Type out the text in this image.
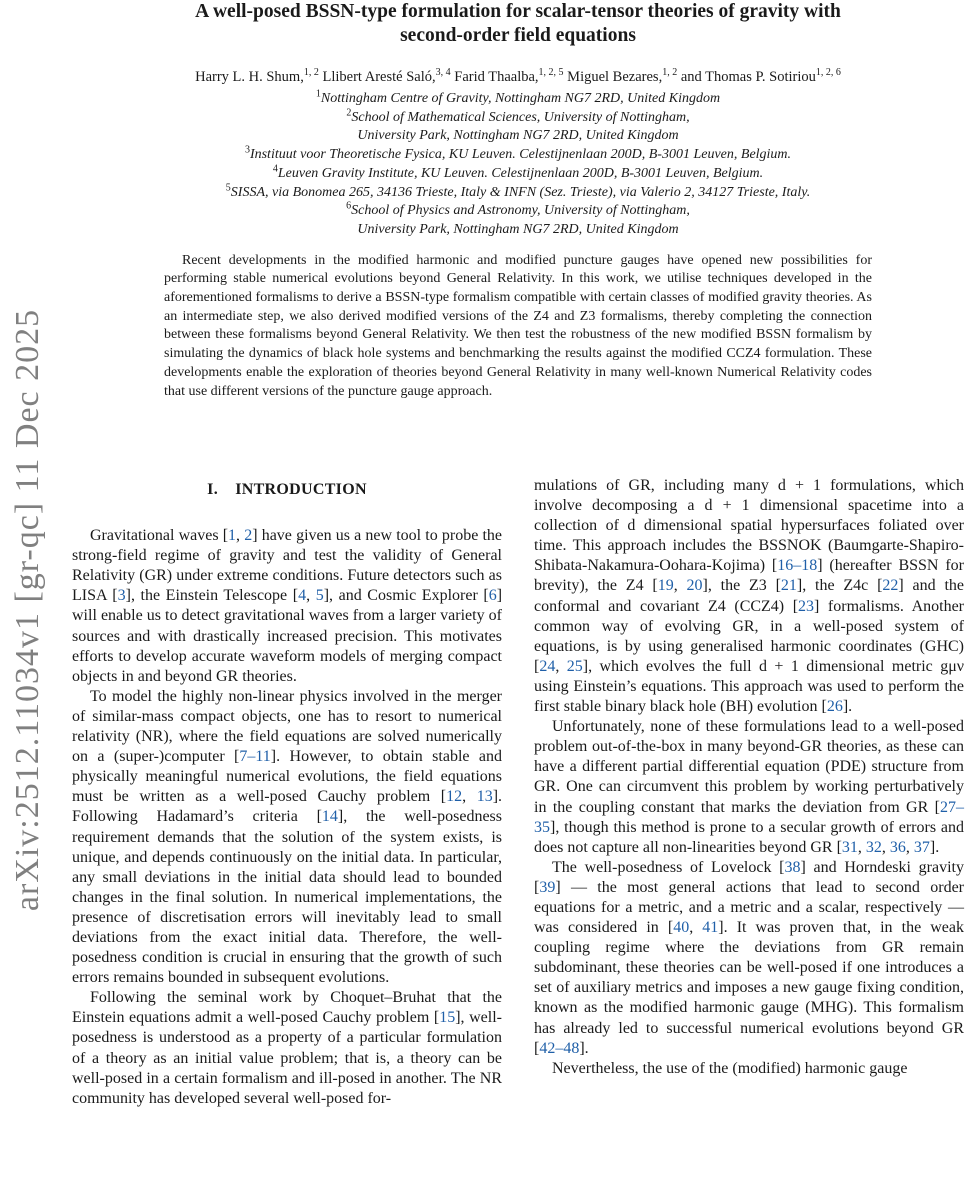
arXiv:2512.11034v1 [gr-qc] 11 Dec 2025
A well-posed BSSN-type formulation for scalar-tensor theories of gravity with
second-order field equations
Harry L. H. Shum,$^{1, 2}$ Llibert Aresté Saló,$^{3, 4}$ Farid Thaalba,$^{1, 2, 5}$ Miguel Bezares,$^{1, 2}$ and Thomas P. Sotiriou$^{1, 2, 6}$
$^1$Nottingham Centre of Gravity, Nottingham NG7 2RD, United Kingdom
$^2$School of Mathematical Sciences, University of Nottingham,
University Park, Nottingham NG7 2RD, United Kingdom
$^3$Instituut voor Theoretische Fysica, KU Leuven. Celestijnenlaan 200D, B-3001 Leuven, Belgium.
$^4$Leuven Gravity Institute, KU Leuven. Celestijnenlaan 200D, B-3001 Leuven, Belgium.
$^5$SISSA, via Bonomea 265, 34136 Trieste, Italy & INFN (Sez. Trieste), via Valerio 2, 34127 Trieste, Italy.
$^6$School of Physics and Astronomy, University of Nottingham,
University Park, Nottingham NG7 2RD, United Kingdom
Recent developments in the modified harmonic and modified puncture gauges have opened new possibilities for performing stable numerical evolutions beyond General Relativity. In this work, we utilise techniques developed in the aforementioned formalisms to derive a BSSN-type formalism compatible with certain classes of modified gravity theories. As an intermediate step, we also derived modified versions of the Z4 and Z3 formalisms, thereby completing the connection between these formalisms beyond General Relativity. We then test the robustness of the new modified BSSN formalism by simulating the dynamics of black hole systems and benchmarking the results against the modified CCZ4 formulation. These developments enable the exploration of theories beyond General Relativity in many well-known Numerical Relativity codes that use different versions of the puncture gauge approach.
I.    INTRODUCTION

Gravitational waves [1, 2] have given us a new tool to probe the strong-field regime of gravity and test the validity of General Relativity (GR) under extreme conditions. Future detectors such as LISA [3], the Einstein Telescope [4, 5], and Cosmic Explorer [6] will enable us to detect gravitational waves from a larger variety of sources and with drastically increased precision. This motivates efforts to develop accurate waveform models of merging compact objects in and beyond GR theories.

To model the highly non-linear physics involved in the merger of similar-mass compact objects, one has to resort to numerical relativity (NR), where the field equations are solved numerically on a (super-)computer [7–11]. However, to obtain stable and physically meaningful numerical evolutions, the field equations must be written as a well-posed Cauchy problem [12, 13]. Following Hadamard’s criteria [14], the well-posedness requirement demands that the solution of the system exists, is unique, and depends continuously on the initial data. In particular, any small deviations in the initial data should lead to bounded changes in the final solution. In numerical implementations, the presence of discretisation errors will inevitably lead to small deviations from the exact initial data. Therefore, the well-posedness condition is crucial in ensuring that the growth of such errors remains bounded in subsequent evolutions.

Following the seminal work by Choquet–Bruhat that the Einstein equations admit a well-posed Cauchy problem [15], well-posedness is understood as a property of a particular formulation of a theory as an initial value problem; that is, a theory can be well-posed in a certain formalism and ill-posed in another. The NR community has developed several well-posed for-

mulations of GR, including many d + 1 formulations, which involve decomposing a d + 1 dimensional spacetime into a collection of d dimensional spatial hypersurfaces foliated over time. This approach includes the BSSNOK (Baumgarte-Shapiro-Shibata-Nakamura-Oohara-Kojima) [16–18] (hereafter BSSN for brevity), the Z4 [19, 20], the Z3 [21], the Z4c [22] and the conformal and covariant Z4 (CCZ4) [23] formalisms. Another common way of evolving GR, in a well-posed system of equations, is by using generalised harmonic coordinates (GHC) [24, 25], which evolves the full d + 1 dimensional metric gμν using Einstein’s equations. This approach was used to perform the first stable binary black hole (BH) evolution [26].

Unfortunately, none of these formulations lead to a well-posed problem out-of-the-box in many beyond-GR theories, as these can have a different partial differential equation (PDE) structure from GR. One can circumvent this problem by working perturbatively in the coupling constant that marks the deviation from GR [27–35], though this method is prone to a secular growth of errors and does not capture all non-linearities beyond GR [31, 32, 36, 37].

The well-posedness of Lovelock [38] and Horndeski gravity [39] — the most general actions that lead to second order equations for a metric, and a metric and a scalar, respectively — was considered in [40, 41]. It was proven that, in the weak coupling regime where the deviations from GR remain subdominant, these theories can be well-posed if one introduces a set of auxiliary metrics and imposes a new gauge fixing condition, known as the modified harmonic gauge (MHG). This formalism has already led to successful numerical evolutions beyond GR [42–48].

Nevertheless, the use of the (modified) harmonic gauge
